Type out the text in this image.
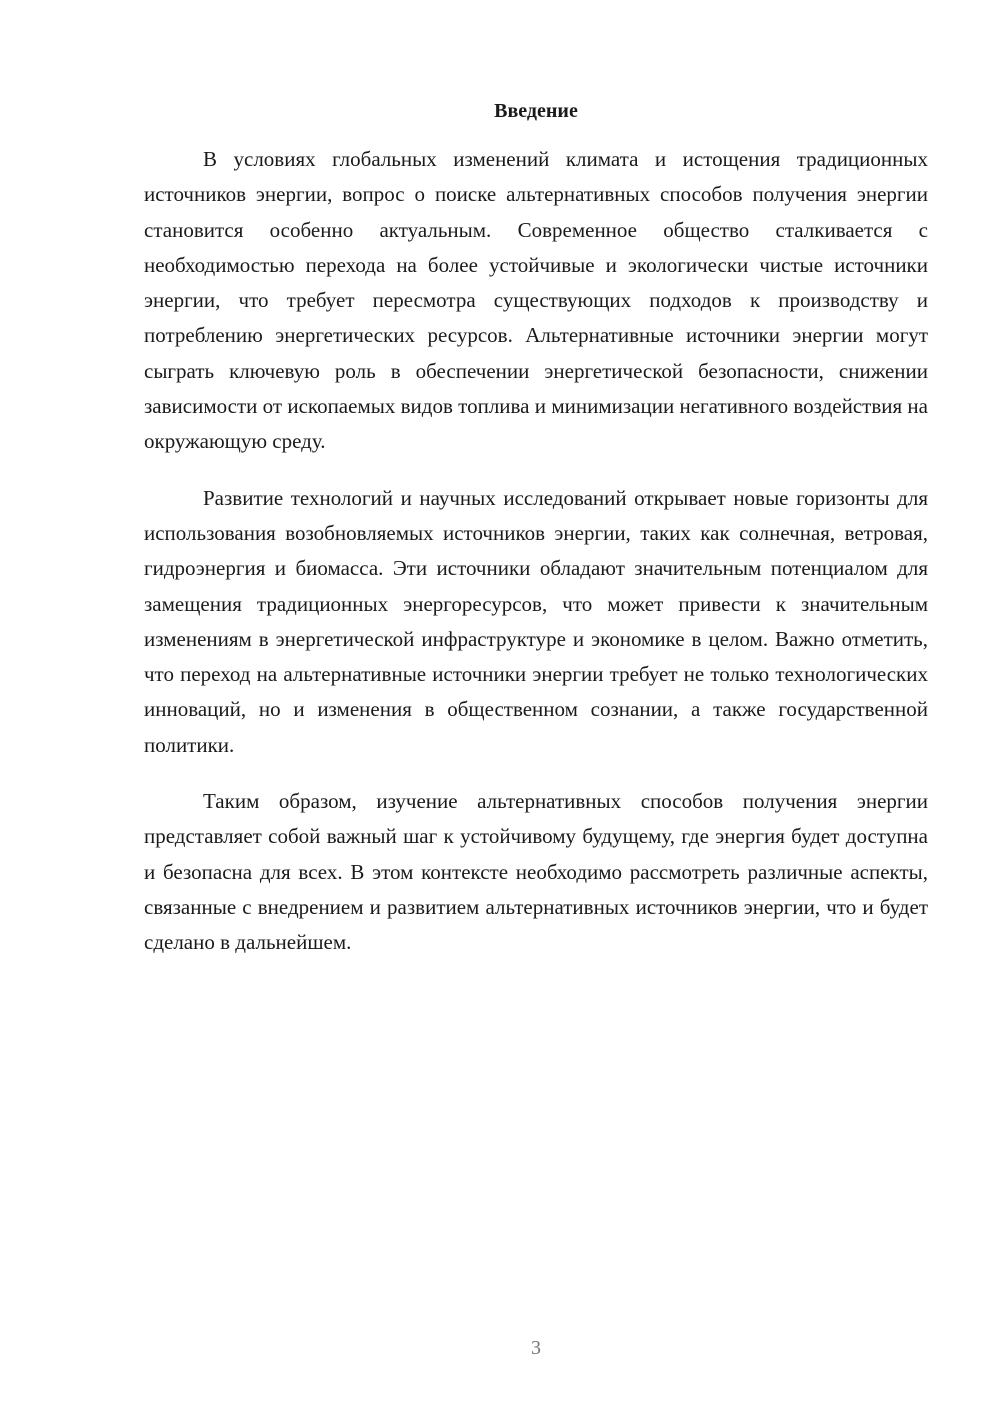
Введение

В условиях глобальных изменений климата и истощения традиционных источников энергии, вопрос о поиске альтернативных способов получения энергии становится особенно актуальным. Современное общество сталкивается с необходимостью перехода на более устойчивые и экологически чистые источники энергии, что требует пересмотра существующих подходов к производству и потреблению энергетических ресурсов. Альтернативные источники энергии могут сыграть ключевую роль в обеспечении энергетической безопасности, снижении зависимости от ископаемых видов топлива и минимизации негативного воздействия на окружающую среду.

Развитие технологий и научных исследований открывает новые горизонты для использования возобновляемых источников энергии, таких как солнечная, ветровая, гидроэнергия и биомасса. Эти источники обладают значительным потенциалом для замещения традиционных энергоресурсов, что может привести к значительным изменениям в энергетической инфраструктуре и экономике в целом. Важно отметить, что переход на альтернативные источники энергии требует не только технологических инноваций, но и изменения в общественном сознании, а также государственной политики.

Таким образом, изучение альтернативных способов получения энергии представляет собой важный шаг к устойчивому будущему, где энергия будет доступна и безопасна для всех. В этом контексте необходимо рассмотреть различные аспекты, связанные с внедрением и развитием альтернативных источников энергии, что и будет сделано в дальнейшем.

3
